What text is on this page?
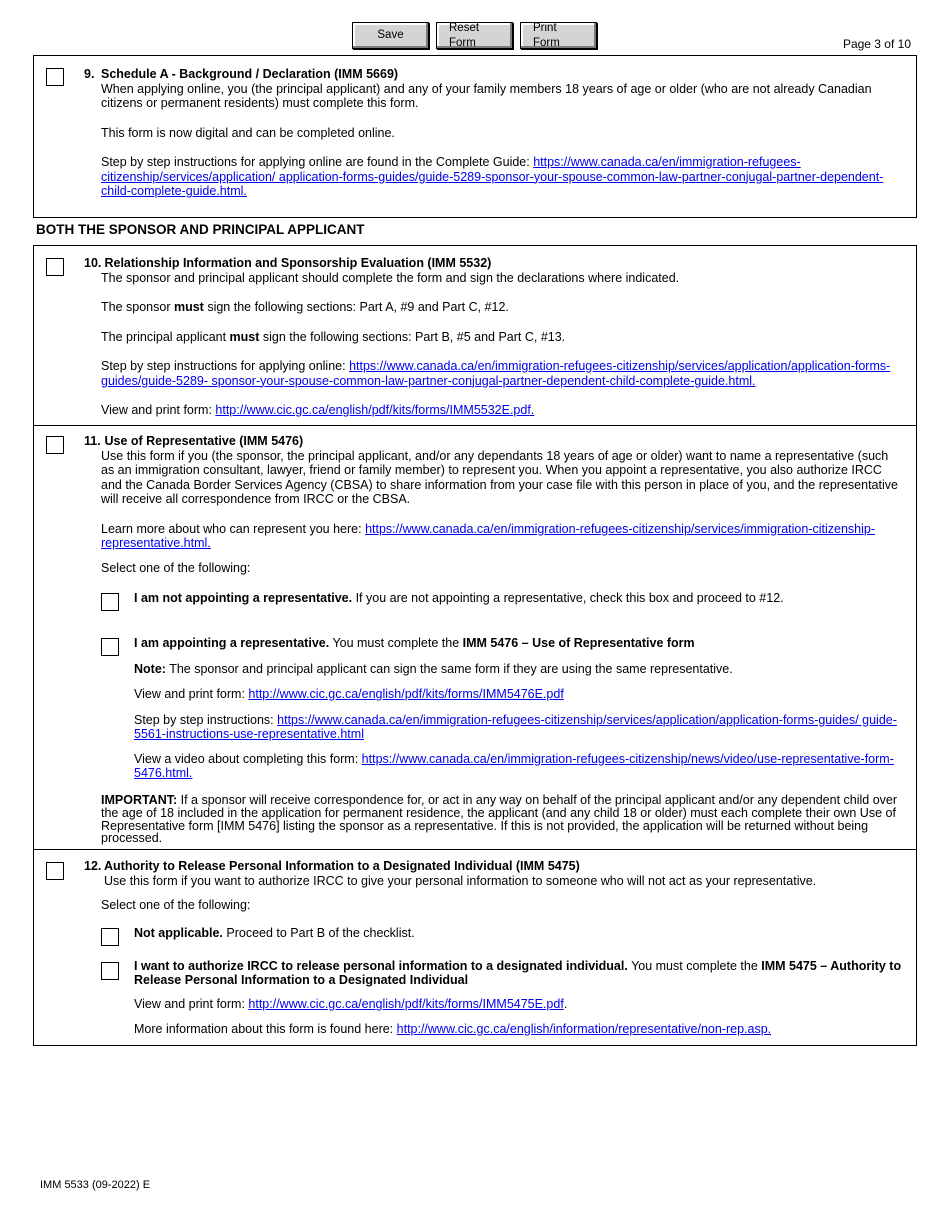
Save
Reset Form
Print Form	Page 3 of 10

9. Schedule A - Background / Declaration (IMM 5669)

When applying online, you (the principal applicant) and any of your family members 18 years of age or older (who are not already Canadian citizens or permanent residents) must complete this form.

This form is now digital and can be completed online.

Step by step instructions for applying online are found in the Complete Guide: https://www.canada.ca/en/immigration-refugees-citizenship/services/application/ application-forms-guides/guide-5289-sponsor-your-spouse-common-law-partner-conjugal-partner-dependent-child-complete-guide.html.

BOTH THE SPONSOR AND PRINCIPAL APPLICANT

10. Relationship Information and Sponsorship Evaluation (IMM 5532)

The sponsor and principal applicant should complete the form and sign the declarations where indicated.

The sponsor must sign the following sections: Part A, #9 and Part C, #12.

The principal applicant must sign the following sections: Part B, #5 and Part C, #13.

Step by step instructions for applying online: https://www.canada.ca/en/immigration-refugees-citizenship/services/application/application-forms-guides/guide-5289- sponsor-your-spouse-common-law-partner-conjugal-partner-dependent-child-complete-guide.html.

View and print form: http://www.cic.gc.ca/english/pdf/kits/forms/IMM5532E.pdf.

11. Use of Representative (IMM 5476)

Use this form if you (the sponsor, the principal applicant, and/or any dependants 18 years of age or older) want to name a representative (such as an immigration consultant, lawyer, friend or family member) to represent you. When you appoint a representative, you also authorize IRCC and the Canada Border Services Agency (CBSA) to share information from your case file with this person in place of you, and the representative will receive all correspondence from IRCC or the CBSA.

Learn more about who can represent you here: https://www.canada.ca/en/immigration-refugees-citizenship/services/immigration-citizenship-representative.html.

Select one of the following:

I am not appointing a representative. If you are not appointing a representative, check this box and proceed to #12.

I am appointing a representative. You must complete the IMM 5476 – Use of Representative form

Note: The sponsor and principal applicant can sign the same form if they are using the same representative.

View and print form: http://www.cic.gc.ca/english/pdf/kits/forms/IMM5476E.pdf

Step by step instructions: https://www.canada.ca/en/immigration-refugees-citizenship/services/application/application-forms-guides/ guide-5561-instructions-use-representative.html

View a video about completing this form: https://www.canada.ca/en/immigration-refugees-citizenship/news/video/use-representative-form-5476.html.

IMPORTANT: If a sponsor will receive correspondence for, or act in any way on behalf of the principal applicant and/or any dependent child over the age of 18 included in the application for permanent residence, the applicant (and any child 18 or older) must each complete their own Use of Representative form [IMM 5476] listing the sponsor as a representative. If this is not provided, the application will be returned without being processed.

12. Authority to Release Personal Information to a Designated Individual (IMM 5475)

Use this form if you want to authorize IRCC to give your personal information to someone who will not act as your representative.

Select one of the following:

Not applicable. Proceed to Part B of the checklist.

I want to authorize IRCC to release personal information to a designated individual. You must complete the IMM 5475 – Authority to Release Personal Information to a Designated Individual

View and print form: http://www.cic.gc.ca/english/pdf/kits/forms/IMM5475E.pdf.

More information about this form is found here: http://www.cic.gc.ca/english/information/representative/non-rep.asp.

IMM 5533 (09-2022) E
